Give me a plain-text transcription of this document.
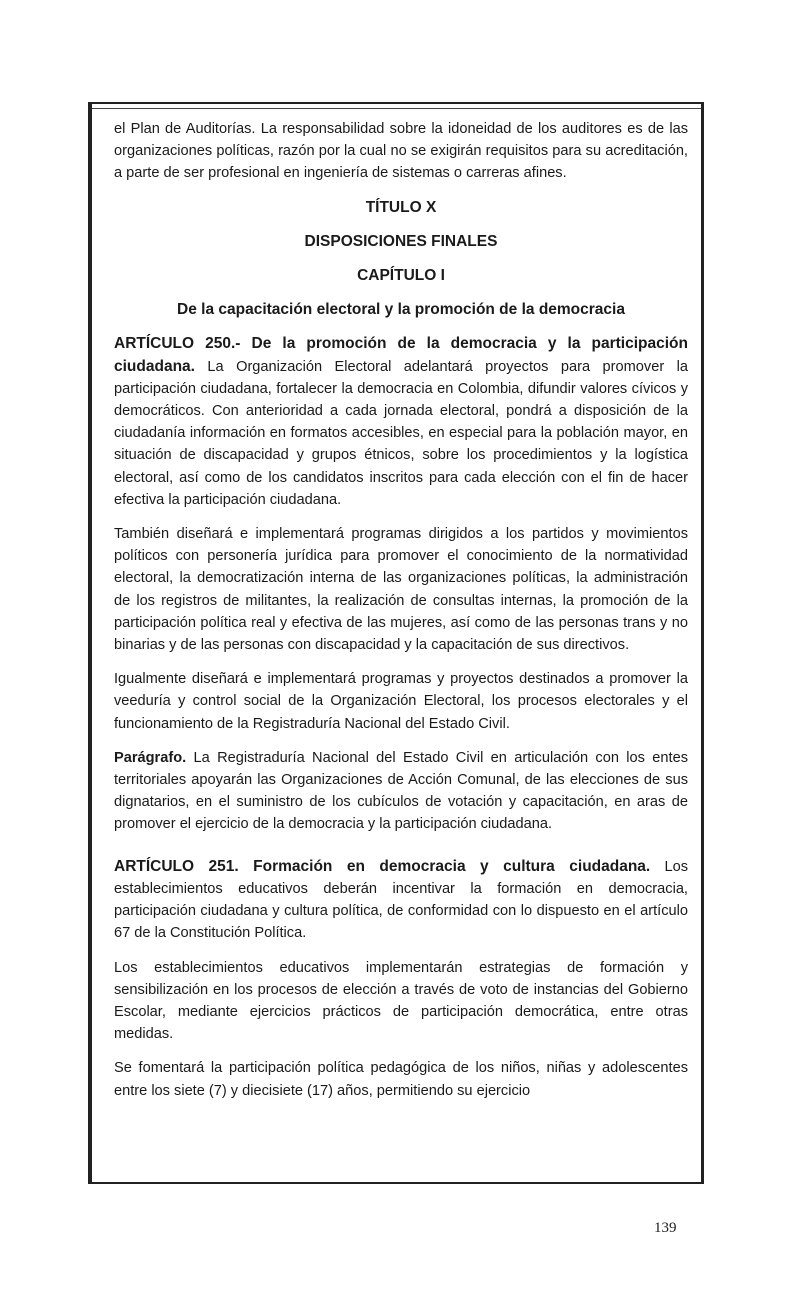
el Plan de Auditorías. La responsabilidad sobre la idoneidad de los auditores es de las organizaciones políticas, razón por la cual no se exigirán requisitos para su acreditación, a parte de ser profesional en ingeniería de sistemas o carreras afines.

TÍTULO X

DISPOSICIONES FINALES

CAPÍTULO I

De la capacitación electoral y la promoción de la democracia

ARTÍCULO 250.- De la promoción de la democracia y la participación ciudadana. La Organización Electoral adelantará proyectos para promover la participación ciudadana, fortalecer la democracia en Colombia, difundir valores cívicos y democráticos. Con anterioridad a cada jornada electoral, pondrá a disposición de la ciudadanía información en formatos accesibles, en especial para la población mayor, en situación de discapacidad y grupos étnicos, sobre los procedimientos y la logística electoral, así como de los candidatos inscritos para cada elección con el fin de hacer efectiva la participación ciudadana.

También diseñará e implementará programas dirigidos a los partidos y movimientos políticos con personería jurídica para promover el conocimiento de la normatividad electoral, la democratización interna de las organizaciones políticas, la administración de los registros de militantes, la realización de consultas internas, la promoción de la participación política real y efectiva de las mujeres, así como de las personas trans y no binarias y de las personas con discapacidad y la capacitación de sus directivos.

Igualmente diseñará e implementará programas y proyectos destinados a promover la veeduría y control social de la Organización Electoral, los procesos electorales y el funcionamiento de la Registraduría Nacional del Estado Civil.

Parágrafo. La Registraduría Nacional del Estado Civil en articulación con los entes territoriales apoyarán las Organizaciones de Acción Comunal, de las elecciones de sus dignatarios, en el suministro de los cubículos de votación y capacitación, en aras de promover el ejercicio de la democracia y la participación ciudadana.

ARTÍCULO 251. Formación en democracia y cultura ciudadana. Los establecimientos educativos deberán incentivar la formación en democracia, participación ciudadana y cultura política, de conformidad con lo dispuesto en el artículo 67 de la Constitución Política.

Los establecimientos educativos implementarán estrategias de formación y sensibilización en los procesos de elección a través de voto de instancias del Gobierno Escolar, mediante ejercicios prácticos de participación democrática, entre otras medidas.

Se fomentará la participación política pedagógica de los niños, niñas y adolescentes entre los siete (7) y diecisiete (17) años, permitiendo su ejercicio

139
